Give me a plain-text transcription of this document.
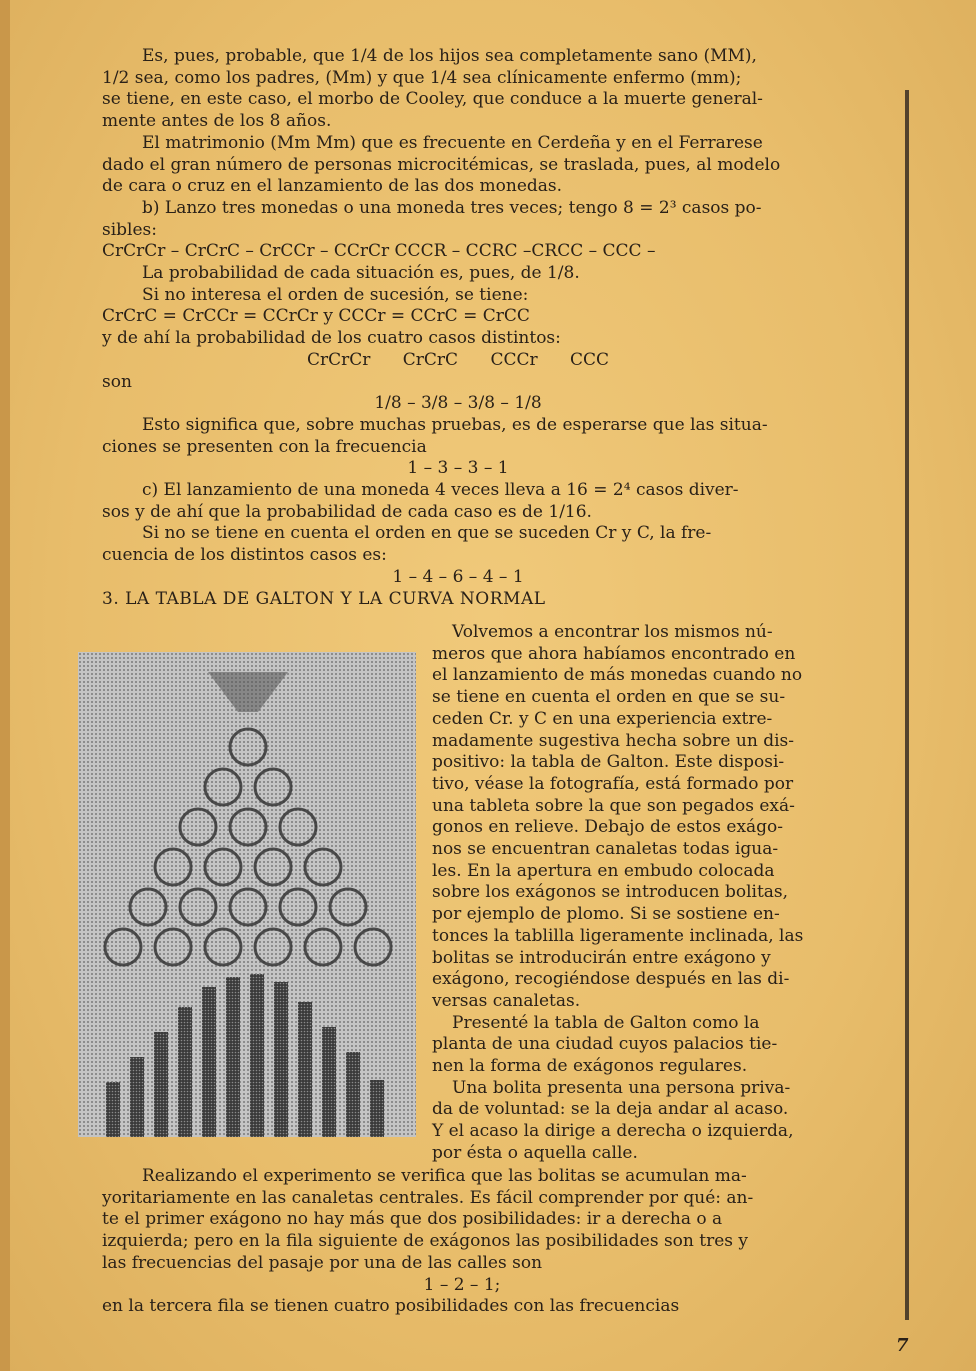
Es, pues, probable, que 1/4 de los hijos sea completamente sano (MM),

1/2 sea, como los padres, (Mm) y que 1/4 sea clínicamente enfermo (mm);

se tiene, en este caso, el morbo de Cooley, que conduce a la muerte general-

mente antes de los 8 años.

El matrimonio (Mm Mm) que es frecuente en Cerdeña y en el Ferrarese

dado el gran número de personas microcitémicas, se traslada, pues, al modelo

de cara o cruz en el lanzamiento de las dos monedas.

b) Lanzo tres monedas o una moneda tres veces; tengo 8 = 2³ casos po-

sibles:

CrCrCr – CrCrC – CrCCr – CCrCr CCCR – CCRC –CRCC – CCC –

La probabilidad de cada situación es, pues, de 1/8.

Si no interesa el orden de sucesión, se tiene:

CrCrC = CrCCr = CCrCr y CCCr = CCrC = CrCC

y de ahí la probabilidad de los cuatro casos distintos:

CrCrCr      CrCrC      CCCr      CCC

son

1/8 – 3/8 – 3/8 – 1/8

Esto significa que, sobre muchas pruebas, es de esperarse que las situa-

ciones se presenten con la frecuencia

1 – 3 – 3 – 1

c) El lanzamiento de una moneda 4 veces lleva a 16 = 2⁴ casos diver-

sos y de ahí que la probabilidad de cada caso es de 1/16.

Si no se tiene en cuenta el orden en que se suceden Cr y C, la fre-

cuencia de los distintos casos es:

1 – 4 – 6 – 4 – 1

3. LA TABLA DE GALTON Y LA CURVA NORMAL

Volvemos a encontrar los mismos nú-

meros que ahora habíamos encontrado en

el lanzamiento de más monedas cuando no

se tiene en cuenta el orden en que se su-

ceden Cr. y C en una experiencia extre-

madamente sugestiva hecha sobre un dis-

positivo: la tabla de Galton. Este disposi-

tivo, véase la fotografía, está formado por

una tableta sobre la que son pegados exá-

gonos en relieve. Debajo de estos exágo-

nos se encuentran canaletas todas igua-

les. En la apertura en embudo colocada

sobre los exágonos se introducen bolitas,

por ejemplo de plomo. Si se sostiene en-

tonces la tablilla ligeramente inclinada, las

bolitas se introducirán entre exágono y

exágono, recogiéndose después en las di-

versas canaletas.

Presenté la tabla de Galton como la

planta de una ciudad cuyos palacios tie-

nen la forma de exágonos regulares.

Una bolita presenta una persona priva-

da de voluntad: se la deja andar al acaso.

Y el acaso la dirige a derecha o izquierda,

por ésta o aquella calle.

Realizando el experimento se verifica que las bolitas se acumulan ma-

yoritariamente en las canaletas centrales. Es fácil comprender por qué: an-

te el primer exágono no hay más que dos posibilidades: ir a derecha o a

izquierda; pero en la fila siguiente de exágonos las posibilidades son tres y

las frecuencias del pasaje por una de las calles son

1 – 2 – 1;

en la tercera fila se tienen cuatro posibilidades con las frecuencias

7
